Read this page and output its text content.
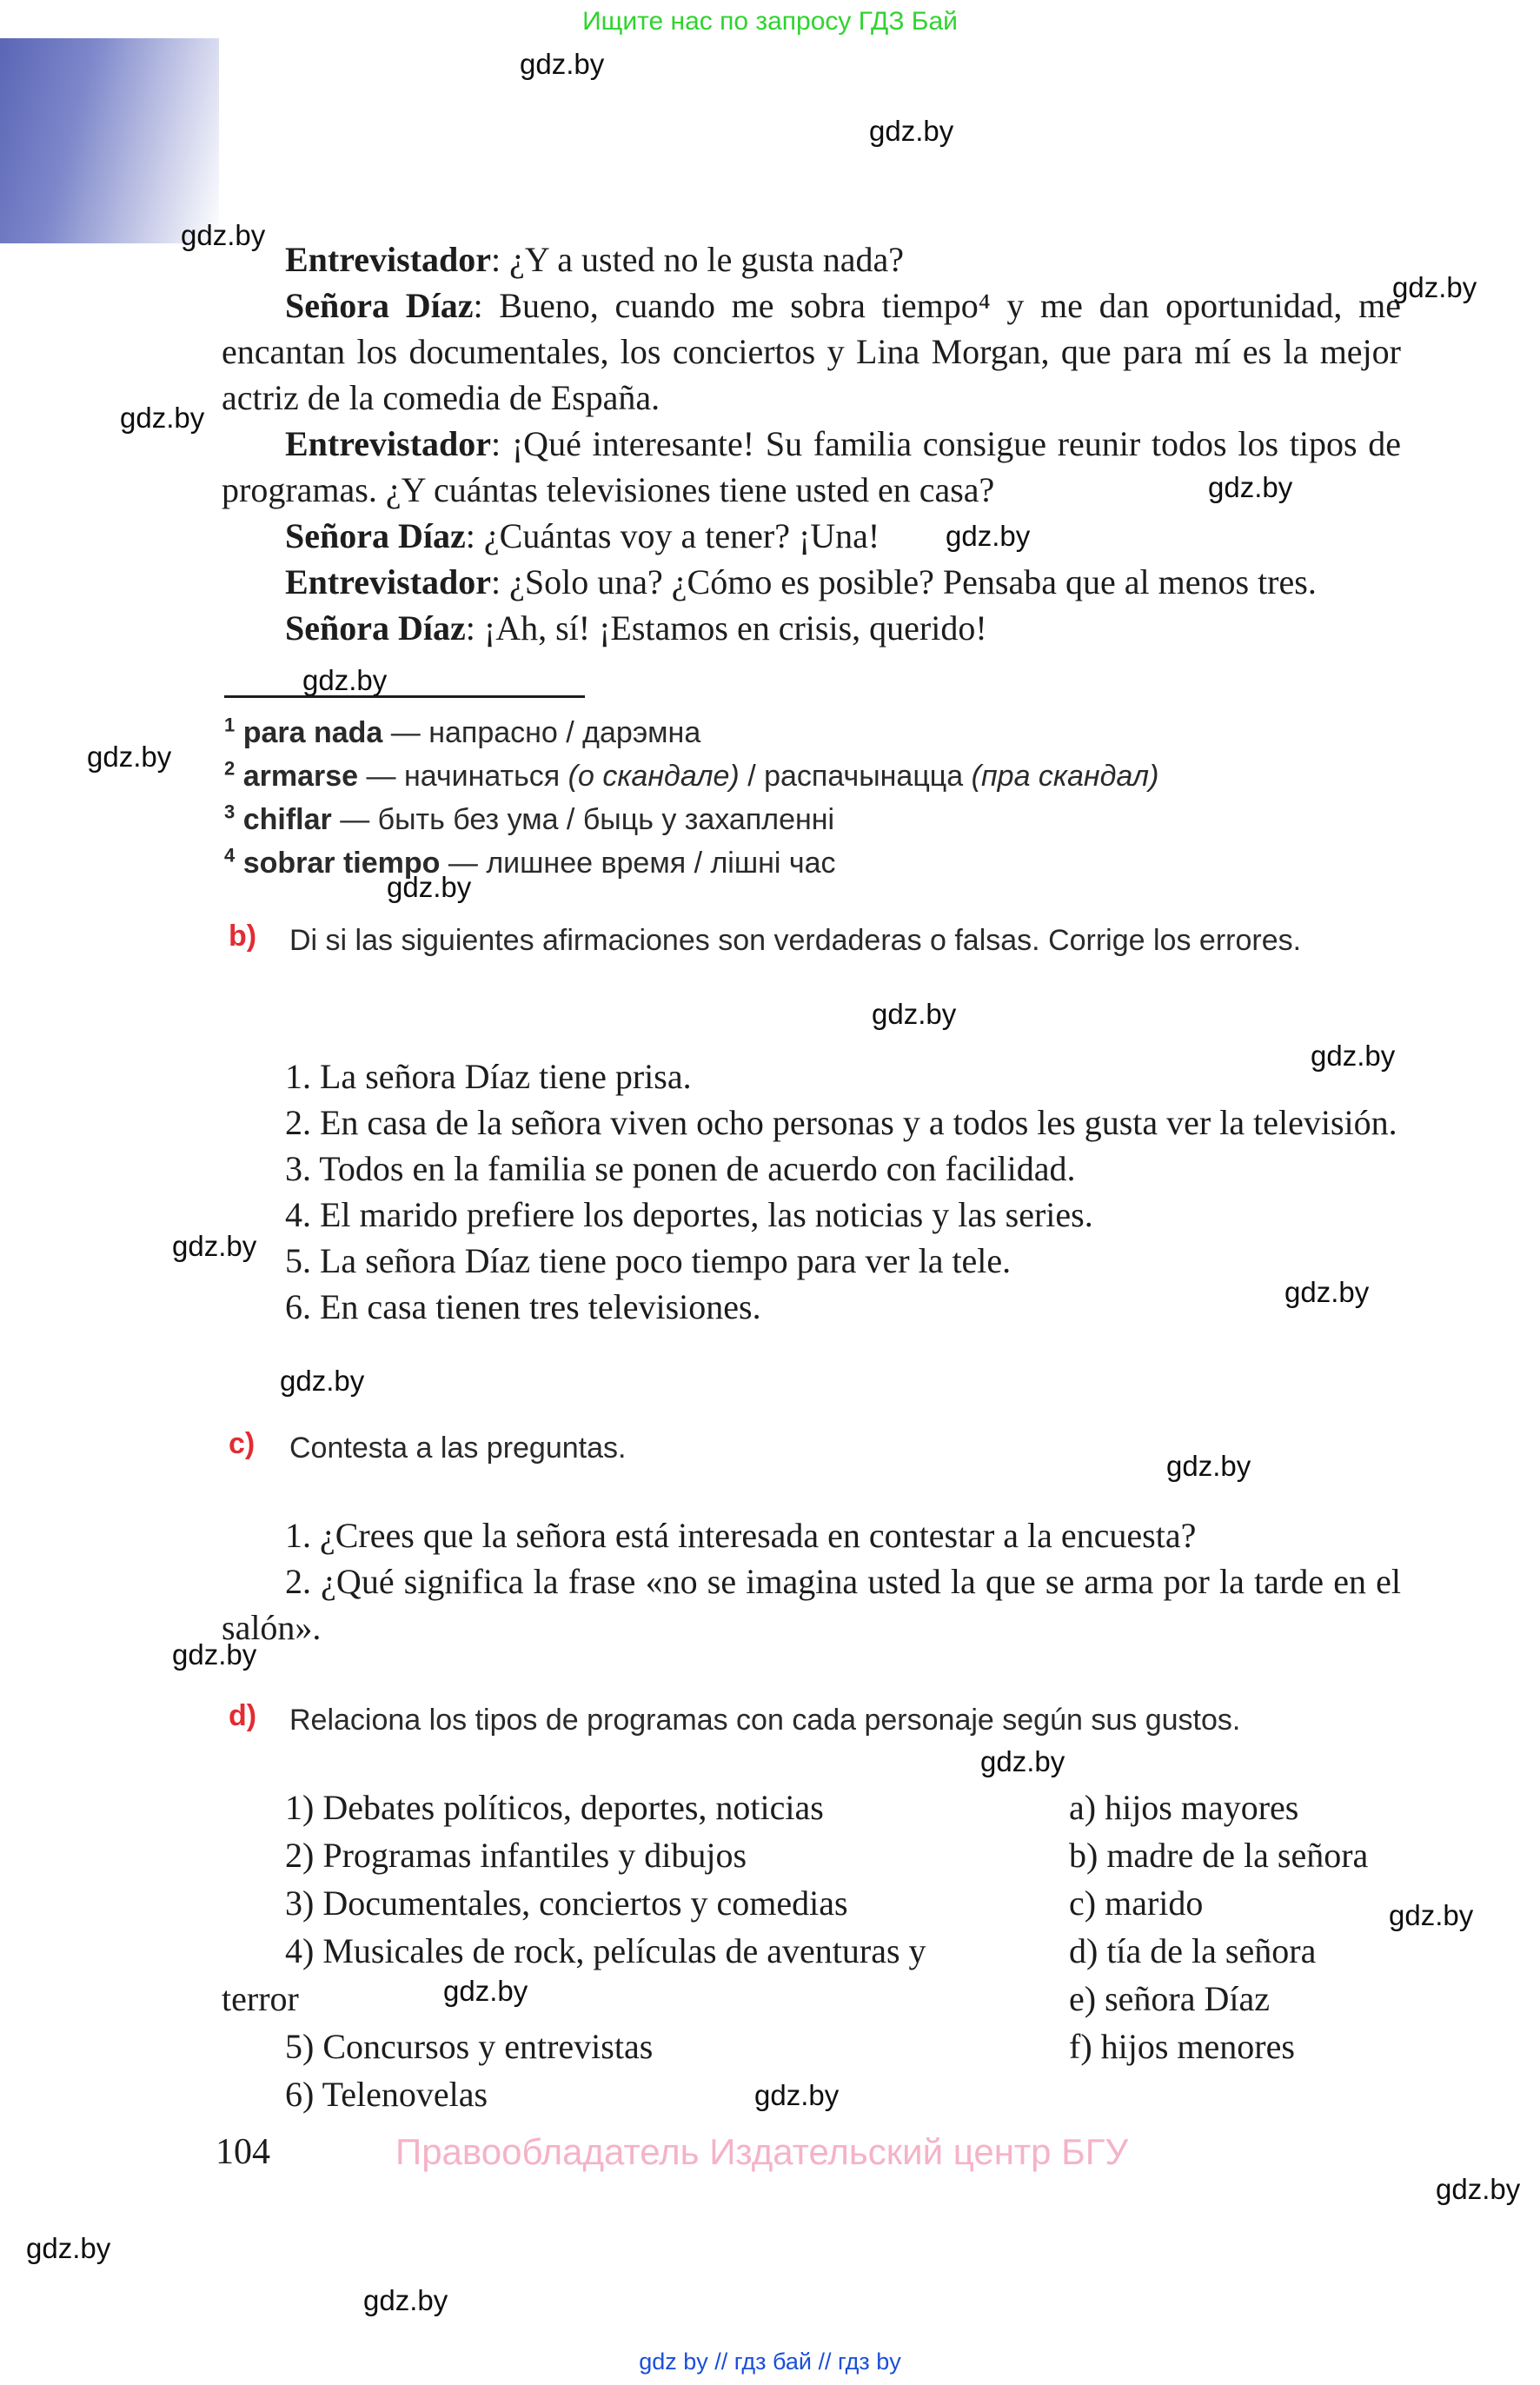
Ищите нас по запросу ГДЗ Бай
gdz.by
gdz.by
gdz.by
gdz.by
gdz.by
gdz.by
gdz.by
gdz.by
gdz.by
gdz.by
gdz.by
gdz.by
gdz.by
gdz.by
gdz.by
gdz.by
gdz.by
gdz.by
gdz.by
gdz.by
gdz.by
gdz.by
gdz.by
gdz.by

Entrevistador: ¿Y a usted no le gusta nada?

Señora Díaz: Bueno, cuando me sobra tiempo⁴ y me dan oportunidad, me encantan los documentales, los conciertos y Lina Morgan, que para mí es la mejor actriz de la comedia de España.

Entrevistador: ¡Qué interesante! Su familia consigue reunir todos los tipos de programas. ¿Y cuántas televisiones tiene usted en casa?

Señora Díaz: ¿Cuántas voy a tener? ¡Una!

Entrevistador: ¿Solo una? ¿Cómo es posible? Pensaba que al menos tres.

Señora Díaz: ¡Ah, sí! ¡Estamos en crisis, querido!

$^1$ para nada — напрасно / дарэмна

$^2$ armarse — начинаться (о скандале) / распачынацца (пра скандал)

$^3$ chiflar — быть без ума / быць у захапленні

$^4$ sobrar tiempo — лишнее время / лішні час

b) Di si las siguientes afirmaciones son verdaderas o falsas. Corrige los errores.
1. La señora Díaz tiene prisa.
2. En casa de la señora viven ocho personas y a todos les gusta ver la televisión.
3. Todos en la familia se ponen de acuerdo con facilidad.
4. El marido prefiere los deportes, las noticias y las series.
5. La señora Díaz tiene poco tiempo para ver la tele.
6. En casa tienen tres televisiones.
c) Contesta a las preguntas.
1. ¿Crees que la señora está interesada en contestar a la encuesta?
2. ¿Qué significa la frase «no se imagina usted la que se arma por la tarde en el salón».
d) Relaciona los tipos de programas con cada personaje según sus gustos.
1) Debates políticos, deportes, noticias
2) Programas infantiles y dibujos
3) Documentales, conciertos y comedias
4) Musicales de rock, películas de aventuras y terror
5) Concursos y entrevistas
6) Telenovelas
a) hijos mayores
b) madre de la señora
c) marido
d) tía de la señora
e) señora Díaz
f) hijos menores
104	Правообладатель Издательский центр БГУ
gdz by // гдз бай // гдз by
